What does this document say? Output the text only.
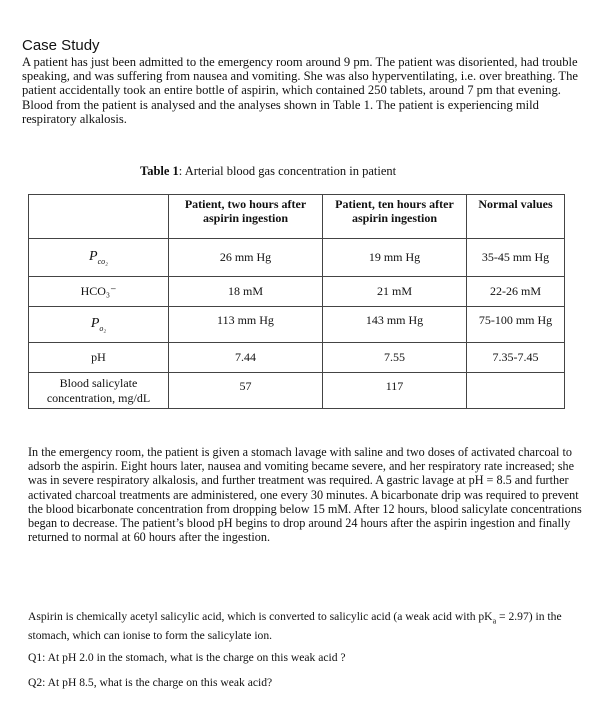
Case Study
A patient has just been admitted to the emergency room around 9 pm. The patient was disoriented, had trouble speaking, and was suffering from nausea and vomiting. She was also hyperventilating, i.e. over breathing. The patient accidentally took an entire bottle of aspirin, which contained 250 tablets, around 7 pm that evening. Blood from the patient is analysed and the analyses shown in Table 1. The patient is experiencing mild respiratory alkalosis.
Table 1: Arterial blood gas concentration in patient
	Patient, two hours after aspirin ingestion	Patient, ten hours after aspirin ingestion	Normal values
$P_{co_2}$	26 mm Hg	19 mm Hg	35-45 mm Hg
HCO₃⁻	18 mM	21 mM	22-26 mM
$P_{o_2}$	113 mm Hg	143 mm Hg	75-100 mm Hg
pH	7.44	7.55	7.35-7.45
Blood salicylate concentration, mg/dL	57	117	
In the emergency room, the patient is given a stomach lavage with saline and two doses of activated charcoal to adsorb the aspirin. Eight hours later, nausea and vomiting became severe, and her respiratory rate increased; she was in severe respiratory alkalosis, and further treatment was required. A gastric lavage at pH = 8.5 and further activated charcoal treatments are administered, one every 30 minutes. A bicarbonate drip was required to prevent the blood bicarbonate concentration from dropping below 15 mM. After 12 hours, blood salicylate concentrations began to decrease. The patient’s blood pH begins to drop around 24 hours after the aspirin ingestion and finally returned to normal at 60 hours after the ingestion.
Aspirin is chemically acetyl salicylic acid, which is converted to salicylic acid (a weak acid with $pK_a = 2.97$) in the stomach, which can ionise to form the salicylate ion.
Q1: At pH 2.0 in the stomach, what is the charge on this weak acid ?
Q2: At pH 8.5, what is the charge on this weak acid?
